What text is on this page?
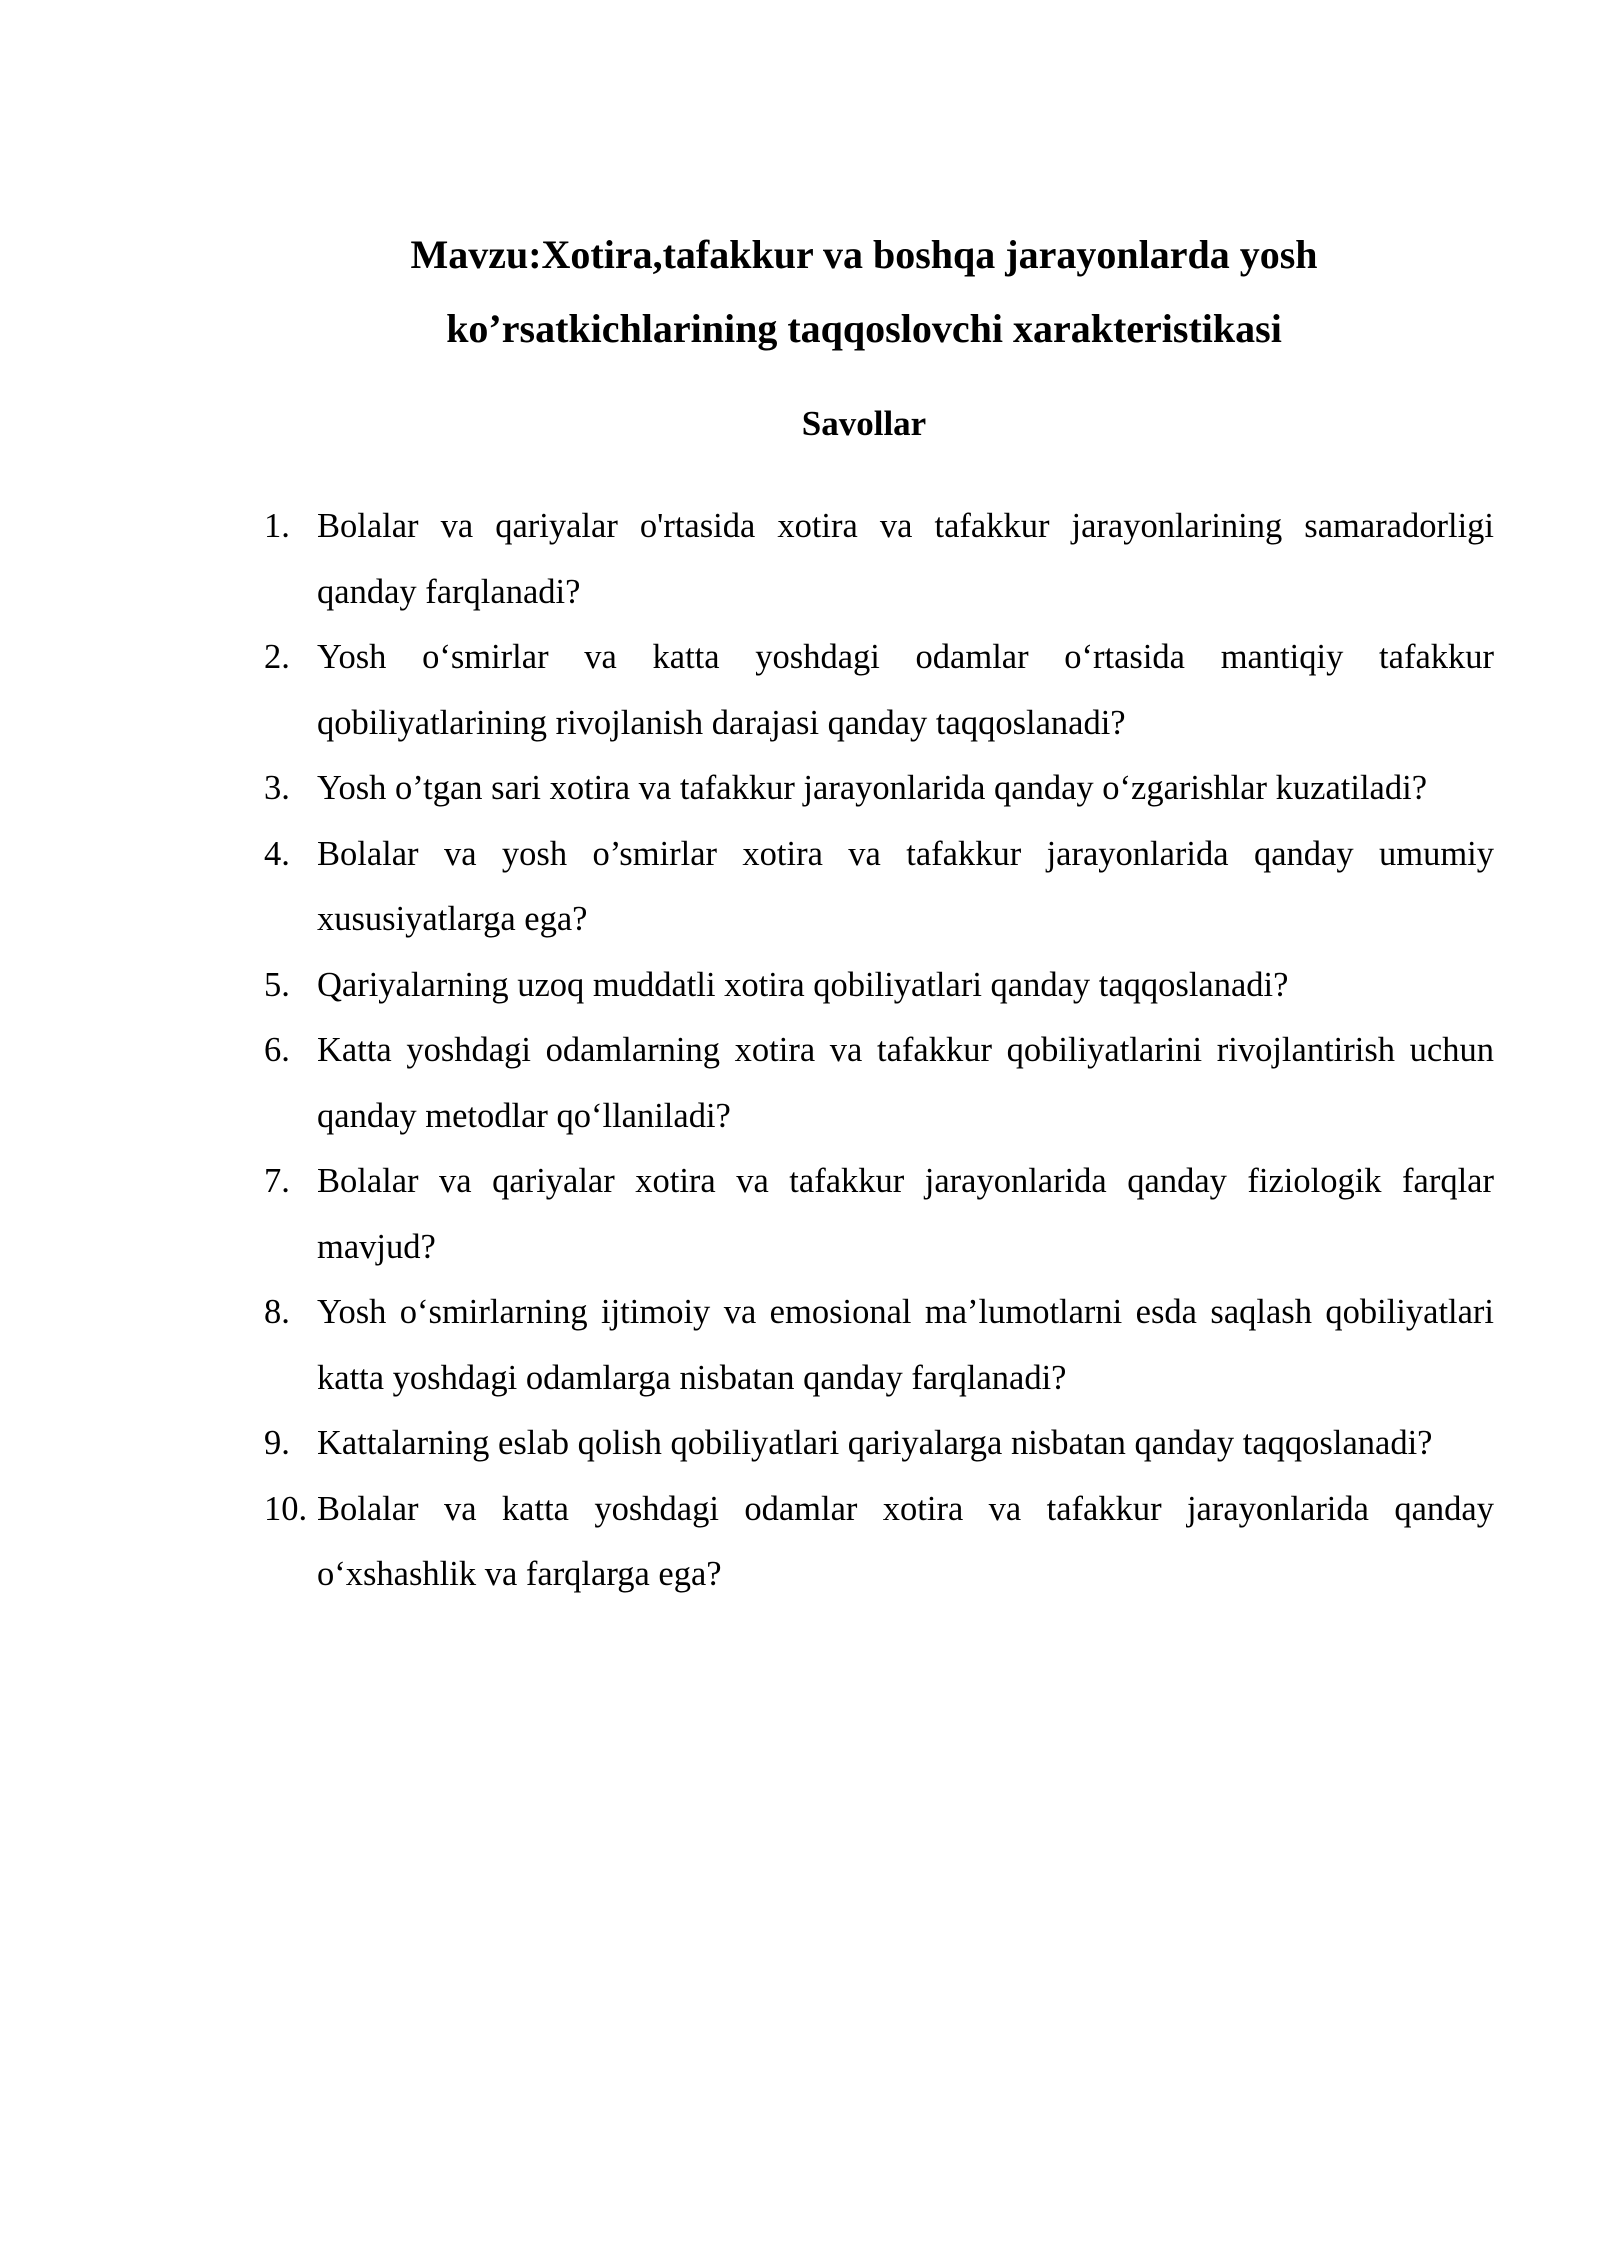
Mavzu:Xotira,tafakkur va boshqa jarayonlarda yosh
ko’rsatkichlarining taqqoslovchi xarakteristikasi
Savollar
1. Bolalar va qariyalar o'rtasida xotira va tafakkur jarayonlarining samaradorligi qanday farqlanadi?
2. Yosh oʻsmirlar va katta yoshdagi odamlar oʻrtasida mantiqiy tafakkur qobiliyatlarining rivojlanish darajasi qanday taqqoslanadi?
3. Yosh o’tgan sari xotira va tafakkur jarayonlarida qanday oʻzgarishlar kuzatiladi?
4. Bolalar va yosh o’smirlar xotira va tafakkur jarayonlarida qanday umumiy xususiyatlarga ega?
5. Qariyalarning uzoq muddatli xotira qobiliyatlari qanday taqqoslanadi?
6. Katta yoshdagi odamlarning xotira va tafakkur qobiliyatlarini rivojlantirish uchun qanday metodlar qoʻllaniladi?
7. Bolalar va qariyalar xotira va tafakkur jarayonlarida qanday fiziologik farqlar mavjud?
8. Yosh oʻsmirlarning ijtimoiy va emosional ma’lumotlarni esda saqlash qobiliyatlari katta yoshdagi odamlarga nisbatan qanday farqlanadi?
9. Kattalarning eslab qolish qobiliyatlari qariyalarga nisbatan qanday taqqoslanadi?
10. Bolalar va katta yoshdagi odamlar xotira va tafakkur jarayonlarida qanday oʻxshashlik va farqlarga ega?
